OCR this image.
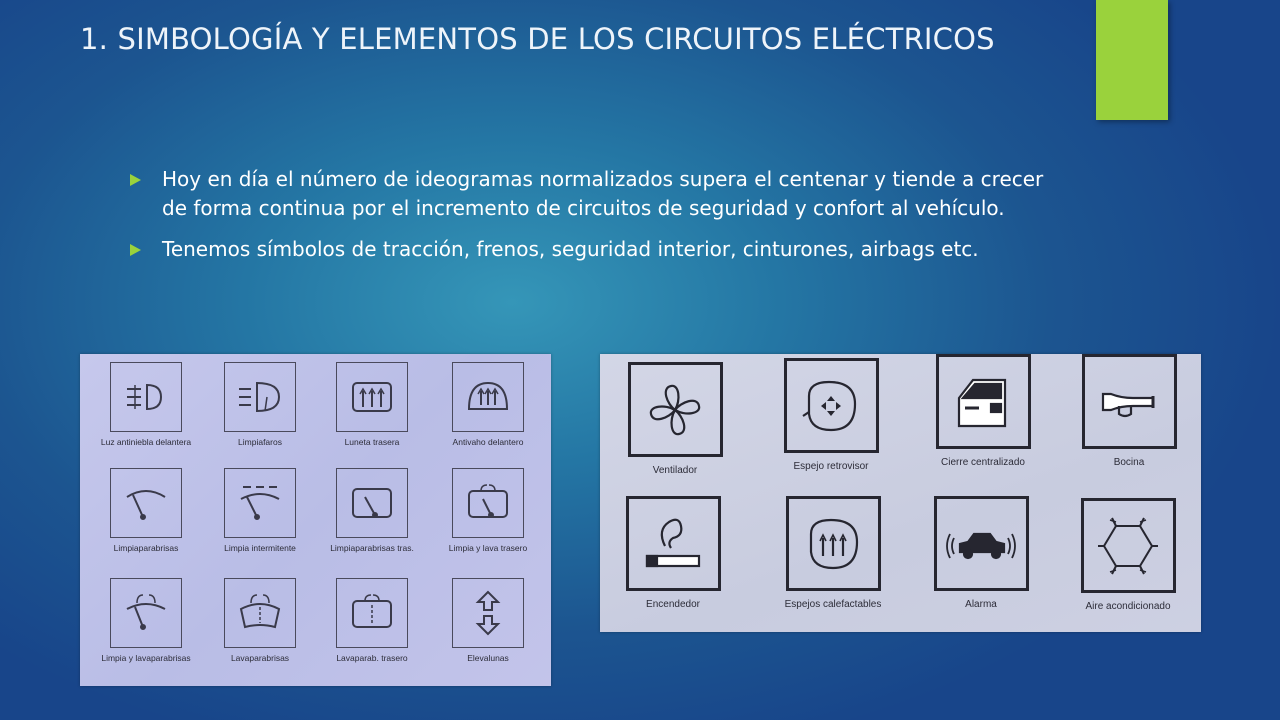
1. SIMBOLOGÍA Y ELEMENTOS DE LOS CIRCUITOS ELÉCTRICOS
Hoy en día el número de ideogramas normalizados supera el centenar y tiende a crecer de forma continua por el incremento de circuitos de seguridad y confort al vehículo.
Tenemos símbolos de tracción, frenos, seguridad interior, cinturones, airbags etc.
Luz antiniebla delantera	Limpiafaros	Luneta trasera	Antivaho delantero
Limpiaparabrisas	Limpia intermitente	Limpiaparabrisas tras.	Limpia y lava trasero
Limpia y lavaparabrisas	Lavaparabrisas	Lavaparab. trasero	Elevalunas
Ventilador	Espejo retrovisor	Cierre centralizado	Bocina
Encendedor	Espejos calefactables	Alarma	Aire acondicionado
